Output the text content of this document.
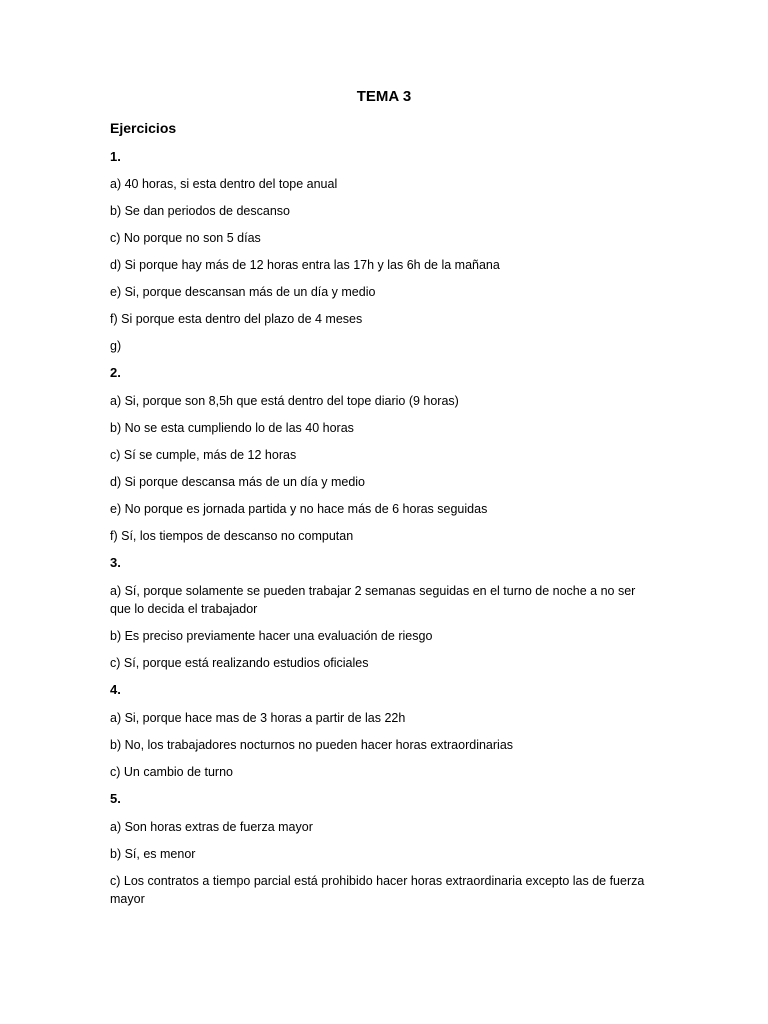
TEMA 3

Ejercicios

1.

a) 40 horas, si esta dentro del tope anual

b) Se dan periodos de descanso

c) No porque no son 5 días

d) Si porque hay más de 12 horas entra las 17h y las 6h de la mañana

e) Si, porque descansan más de un día y medio

f) Si porque esta dentro del plazo de 4 meses

g)

2.

a) Si, porque son 8,5h que está dentro del tope diario (9 horas)

b) No se esta cumpliendo lo de las 40 horas

c) Sí se cumple, más de 12 horas

d) Si porque descansa más de un día y medio

e) No porque es jornada partida y no hace más de 6 horas seguidas

f) Sí, los tiempos de descanso no computan

3.

a) Sí, porque solamente se pueden trabajar 2 semanas seguidas en el turno de noche a no ser que lo decida el trabajador

b) Es preciso previamente hacer una evaluación de riesgo

c) Sí, porque está realizando estudios oficiales

4.

a) Si, porque hace mas de 3 horas a partir de las 22h

b) No, los trabajadores nocturnos no pueden hacer horas extraordinarias

c) Un cambio de turno

5.

a) Son horas extras de fuerza mayor

b) Sí, es menor

c) Los contratos a tiempo parcial está prohibido hacer horas extraordinaria excepto las de fuerza mayor
